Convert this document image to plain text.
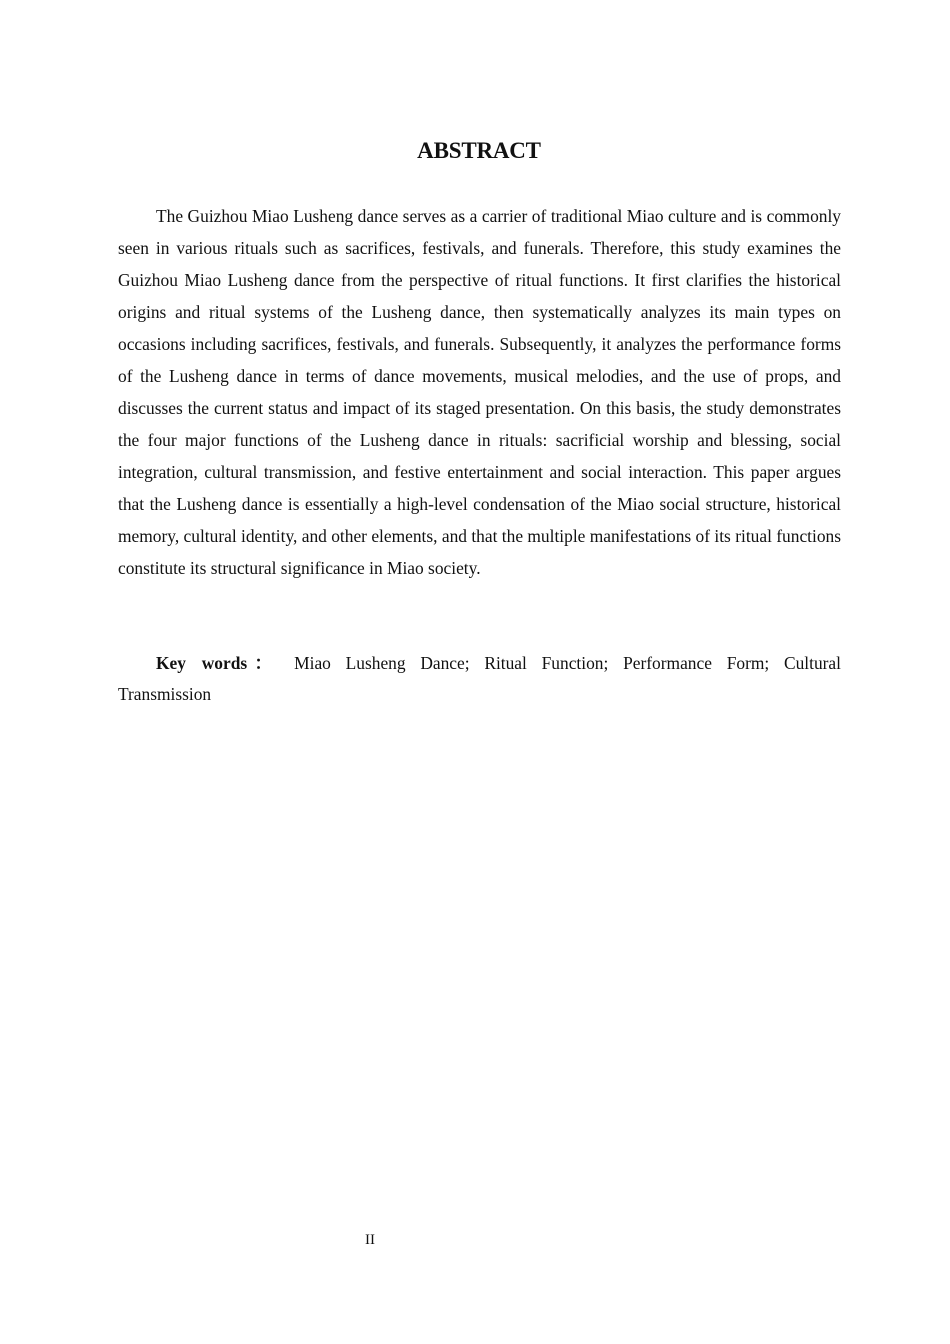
ABSTRACT

The Guizhou Miao Lusheng dance serves as a carrier of traditional Miao culture and is commonly seen in various rituals such as sacrifices, festivals, and funerals. Therefore, this study examines the Guizhou Miao Lusheng dance from the perspective of ritual functions. It first clarifies the historical origins and ritual systems of the Lusheng dance, then systematically analyzes its main types on occasions including sacrifices, festivals, and funerals. Subsequently, it analyzes the performance forms of the Lusheng dance in terms of dance movements, musical melodies, and the use of props, and discusses the current status and impact of its staged presentation. On this basis, the study demonstrates the four major functions of the Lusheng dance in rituals: sacrificial worship and blessing, social integration, cultural transmission, and festive entertainment and social interaction. This paper argues that the Lusheng dance is essentially a high-level condensation of the Miao social structure, historical memory, cultural identity, and other elements, and that the multiple manifestations of its ritual functions constitute its structural significance in Miao society.

Key words： Miao Lusheng Dance; Ritual Function; Performance Form; Cultural Transmission

II
